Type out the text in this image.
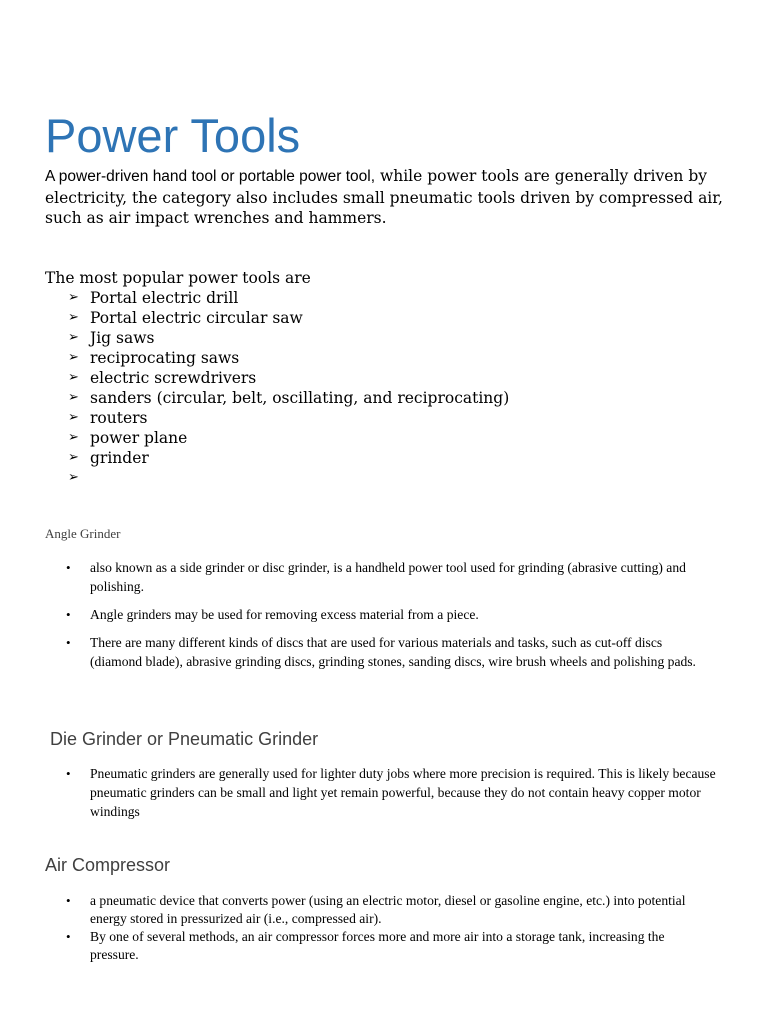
Power Tools

A power-driven hand tool or portable power tool, while power tools are generally driven by electricity, the category also includes small pneumatic tools driven by compressed air, such as air impact wrenches and hammers.

The most popular power tools are

➢ Portal electric drill
➢ Portal electric circular saw
➢ Jig saws
➢ reciprocating saws
➢ electric screwdrivers
➢ sanders (circular, belt, oscillating, and reciprocating)
➢ routers
➢ power plane
➢ grinder
➢
Angle Grinder
•	also known as a side grinder or disc grinder, is a handheld power tool used for grinding (abrasive cutting) and polishing.
•	Angle grinders may be used for removing excess material from a piece.
•	There are many different kinds of discs that are used for various materials and tasks, such as cut-off discs (diamond blade), abrasive grinding discs, grinding stones, sanding discs, wire brush wheels and polishing pads.
Die Grinder or Pneumatic Grinder
•	Pneumatic grinders are generally used for lighter duty jobs where more precision is required. This is likely because pneumatic grinders can be small and light yet remain powerful, because they do not contain heavy copper motor windings
Air Compressor
•	a pneumatic device that converts power (using an electric motor, diesel or gasoline engine, etc.) into potential energy stored in pressurized air (i.e., compressed air).
•	By one of several methods, an air compressor forces more and more air into a storage tank, increasing the pressure.
